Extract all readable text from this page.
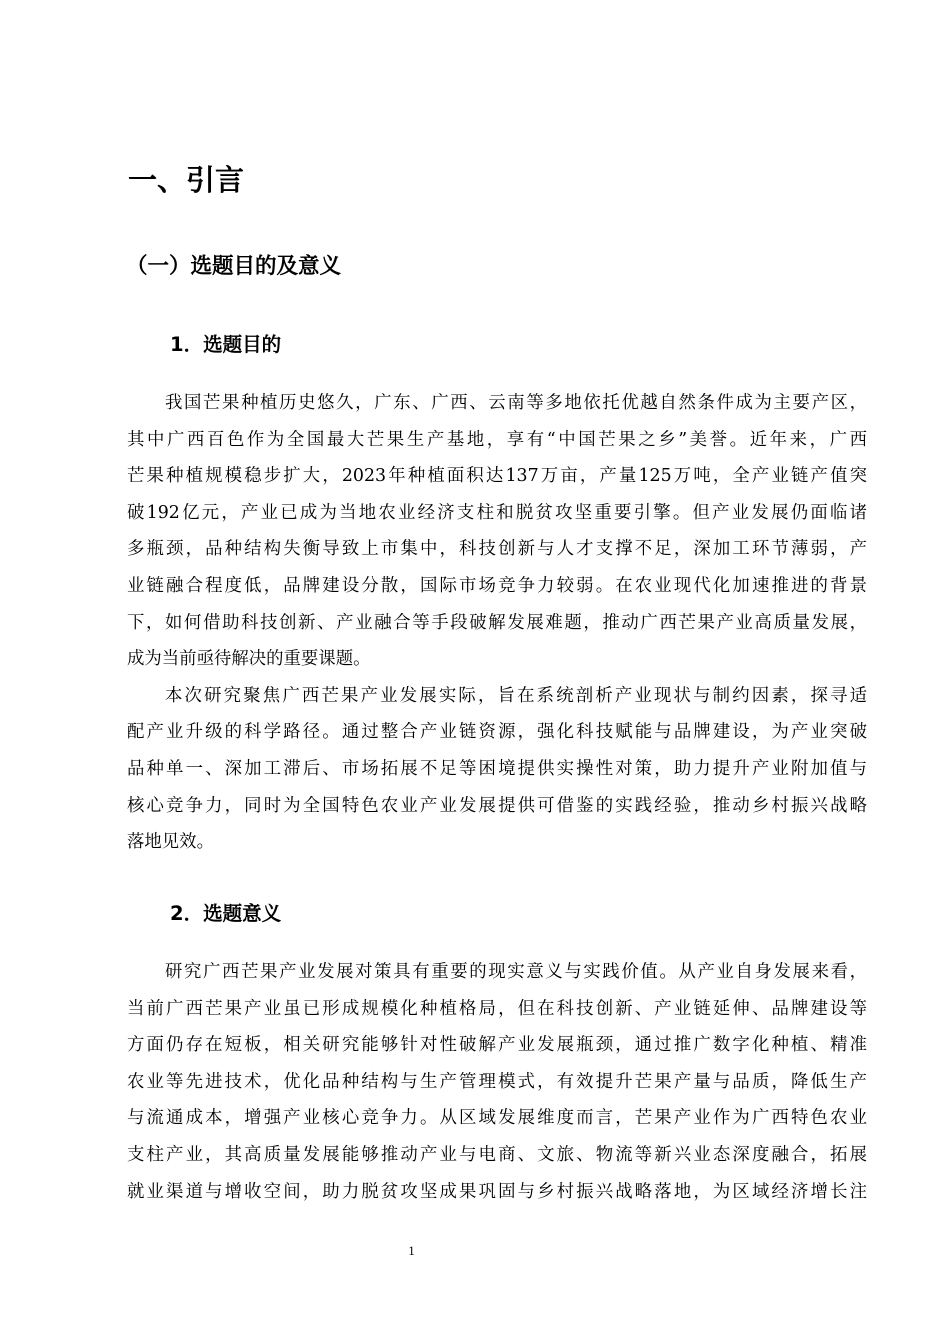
一、引言
（一）选题目的及意义
1．选题目的
我国芒果种植历史悠久，广东、广西、云南等多地依托优越自然条件成为主要产区，
其中广西百色作为全国最大芒果生产基地，享有“中国芒果之乡”美誉。近年来，广西
芒果种植规模稳步扩大，2023年种植面积达137万亩，产量125万吨，全产业链产值突
破192亿元，产业已成为当地农业经济支柱和脱贫攻坚重要引擎。但产业发展仍面临诸
多瓶颈，品种结构失衡导致上市集中，科技创新与人才支撑不足，深加工环节薄弱，产
业链融合程度低，品牌建设分散，国际市场竞争力较弱。在农业现代化加速推进的背景
下，如何借助科技创新、产业融合等手段破解发展难题，推动广西芒果产业高质量发展，
成为当前亟待解决的重要课题。
本次研究聚焦广西芒果产业发展实际，旨在系统剖析产业现状与制约因素，探寻适
配产业升级的科学路径。通过整合产业链资源，强化科技赋能与品牌建设，为产业突破
品种单一、深加工滞后、市场拓展不足等困境提供实操性对策，助力提升产业附加值与
核心竞争力，同时为全国特色农业产业发展提供可借鉴的实践经验，推动乡村振兴战略
落地见效。
2．选题意义
研究广西芒果产业发展对策具有重要的现实意义与实践价值。从产业自身发展来看，
当前广西芒果产业虽已形成规模化种植格局，但在科技创新、产业链延伸、品牌建设等
方面仍存在短板，相关研究能够针对性破解产业发展瓶颈，通过推广数字化种植、精准
农业等先进技术，优化品种结构与生产管理模式，有效提升芒果产量与品质，降低生产
与流通成本，增强产业核心竞争力。从区域发展维度而言，芒果产业作为广西特色农业
支柱产业，其高质量发展能够推动产业与电商、文旅、物流等新兴业态深度融合，拓展
就业渠道与增收空间，助力脱贫攻坚成果巩固与乡村振兴战略落地，为区域经济增长注
1
